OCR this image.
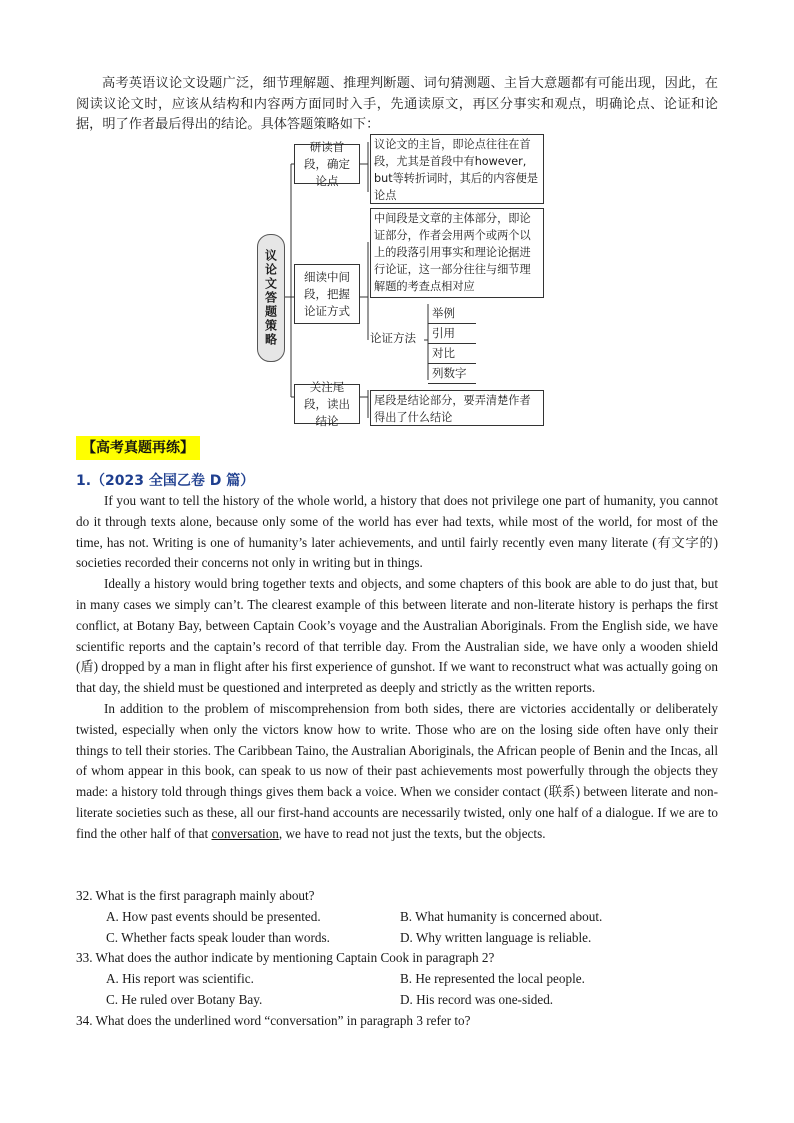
高考英语议论文设题广泛，细节理解题、推理判断题、词句猜测题、主旨大意题都有可能出现，因此，在阅读议论文时，应该从结构和内容两方面同时入手，先通读原文，再区分事实和观点，明确论点、论证和论据，明了作者最后得出的结论。具体答题策略如下：

议论文答题策略
研读首段，确定论点
议论文的主旨，即论点往往在首段，尤其是首段中有however, but等转折词时，其后的内容便是论点
细读中间段，把握论证方式
中间段是文章的主体部分，即论证部分，作者会用两个或两个以上的段落引用事实和理论论据进行论证，这一部分往往与细节理解题的考查点相对应
论证方法
举例
引用
对比
列数字
关注尾段，读出结论
尾段是结论部分，要弄清楚作者得出了什么结论
【高考真题再练】
1.（2023 全国乙卷 D 篇）

If you want to tell the history of the whole world, a history that does not privilege one part of humanity, you cannot do it through texts alone, because only some of the world has ever had texts, while most of the world, for most of the time, has not. Writing is one of humanity’s later achievements, and until fairly recently even many literate (有文字的) societies recorded their concerns not only in writing but in things.

Ideally a history would bring together texts and objects, and some chapters of this book are able to do just that, but in many cases we simply can’t. The clearest example of this between literate and non-literate history is perhaps the first conflict, at Botany Bay, between Captain Cook’s voyage and the Australian Aboriginals. From the English side, we have scientific reports and the captain’s record of that terrible day. From the Australian side, we have only a wooden shield (盾) dropped by a man in flight after his first experience of gunshot. If we want to reconstruct what was actually going on that day, the shield must be questioned and interpreted as deeply and strictly as the written reports.

In addition to the problem of miscomprehension from both sides, there are victories accidentally or deliberately twisted, especially when only the victors know how to write. Those who are on the losing side often have only their things to tell their stories. The Caribbean Taino, the Australian Aboriginals, the African people of Benin and the Incas, all of whom appear in this book, can speak to us now of their past achievements most powerfully through the objects they made: a history told through things gives them back a voice. When we consider contact (联系) between literate and non-literate societies such as these, all our first-hand accounts are necessarily twisted, only one half of a dialogue. If we are to find the other half of that conversation, we have to read not just the texts, but the objects.

32. What is the first paragraph mainly about?
A. How past events should be presented.	B. What humanity is concerned about.
C. Whether facts speak louder than words.	D. Why written language is reliable.
33. What does the author indicate by mentioning Captain Cook in paragraph 2?
A. His report was scientific.	B. He represented the local people.
C. He ruled over Botany Bay.	D. His record was one-sided.
34. What does the underlined word “conversation” in paragraph 3 refer to?
